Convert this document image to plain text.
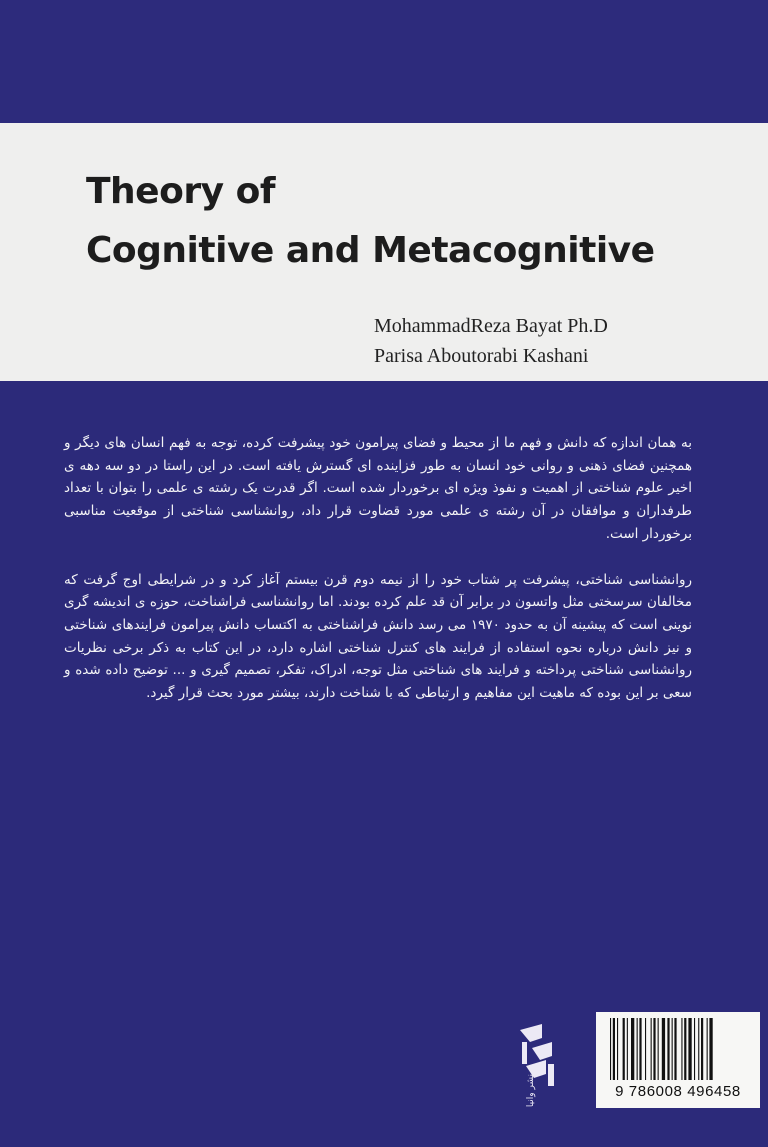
Theory of
Cognitive and Metacognitive
MohammadReza Bayat Ph.D
Parisa Aboutorabi Kashani

به همان اندازه که دانش و فهم ما از محیط و فضای پیرامون خود پیشرفت کرده، توجه به فهم انسان های دیگر و همچنین فضای ذهنی و روانی خود انسان به طور فزاینده ای گسترش یافته است. در این راستا در دو سه دهه ی اخیر علوم شناختی از اهمیت و نفوذ ویژه ای برخوردار شده است. اگر قدرت یک رشته ی علمی را بتوان با تعداد طرفداران و موافقان در آن رشته ی علمی مورد قضاوت قرار داد، روانشناسی شناختی از موقعیت مناسبی برخوردار است.

روانشناسی شناختی، پیشرفت پر شتاب خود را از نیمه دوم قرن بیستم آغاز کرد و در شرایطی اوج گرفت که مخالفان سرسختی مثل واتسون در برابر آن قد علم کرده بودند. اما روانشناسی فراشناخت، حوزه ی اندیشه گری نوینی است که پیشینه آن به حدود ۱۹۷۰ می رسد دانش فراشناختی به اکتساب دانش پیرامون فرایندهای شناختی و نیز دانش درباره نحوه استفاده از فرایند های کنترل شناختی اشاره دارد، در این کتاب به ذکر برخی نظریات روانشناسی شناختی پرداخته و فرایند های شناختی مثل توجه، ادراک، تفکر، تصمیم گیری و ... توضیح داده شده و سعی بر این بوده که ماهیت این مفاهیم و ارتباطی که با شناخت دارند، بیشتر مورد بحث قرار گیرد.

نشر وانیا	9 786008 496458
